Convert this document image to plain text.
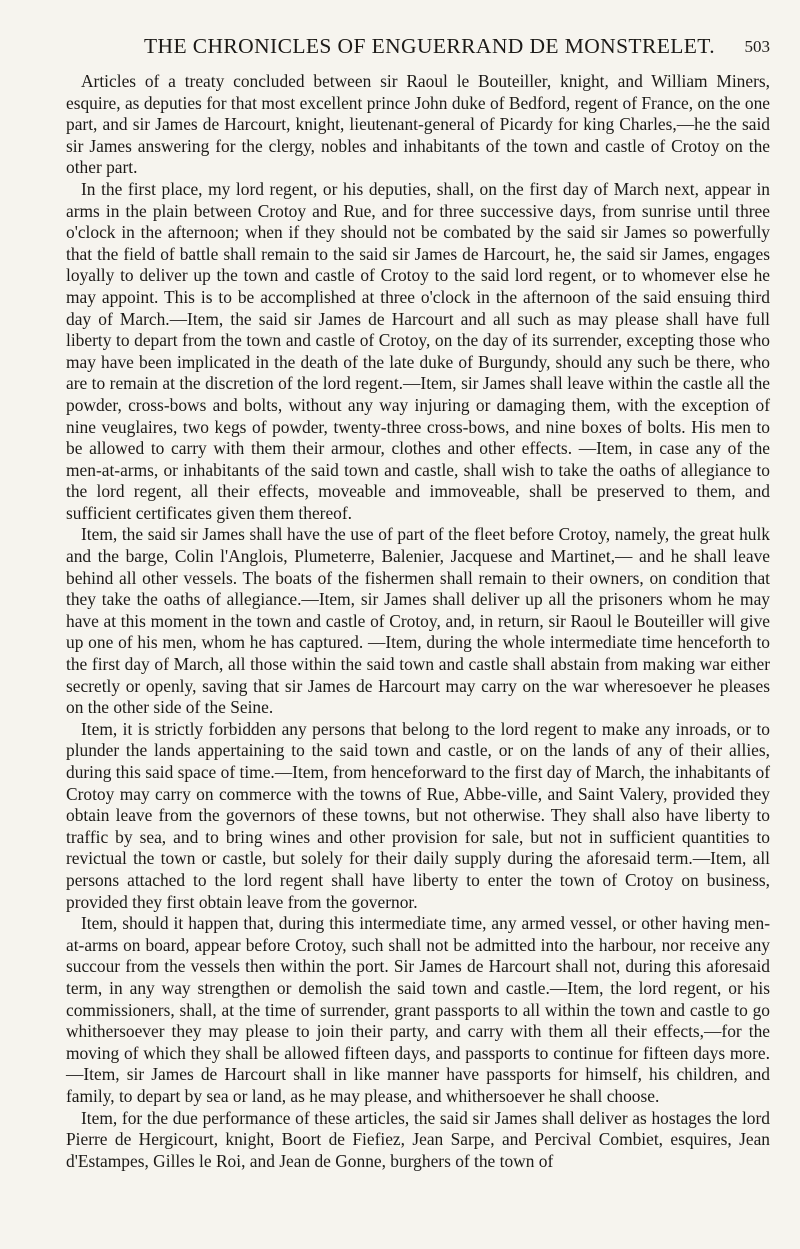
THE CHRONICLES OF ENGUERRAND DE MONSTRELET. 503

Articles of a treaty concluded between sir Raoul le Bouteiller, knight, and William Miners, esquire, as deputies for that most excellent prince John duke of Bedford, regent of France, on the one part, and sir James de Harcourt, knight, lieutenant-general of Picardy for king Charles,—he the said sir James answering for the clergy, nobles and inhabitants of the town and castle of Crotoy on the other part.

In the first place, my lord regent, or his deputies, shall, on the first day of March next, appear in arms in the plain between Crotoy and Rue, and for three successive days, from sunrise until three o'clock in the afternoon; when if they should not be combated by the said sir James so powerfully that the field of battle shall remain to the said sir James de Harcourt, he, the said sir James, engages loyally to deliver up the town and castle of Crotoy to the said lord regent, or to whomever else he may appoint. This is to be accomplished at three o'clock in the afternoon of the said ensuing third day of March.—Item, the said sir James de Harcourt and all such as may please shall have full liberty to depart from the town and castle of Crotoy, on the day of its surrender, excepting those who may have been implicated in the death of the late duke of Burgundy, should any such be there, who are to remain at the discretion of the lord regent.—Item, sir James shall leave within the castle all the powder, cross-bows and bolts, without any way injuring or damaging them, with the exception of nine veuglaires, two kegs of powder, twenty-three cross-bows, and nine boxes of bolts. His men to be allowed to carry with them their armour, clothes and other effects. —Item, in case any of the men-at-arms, or inhabitants of the said town and castle, shall wish to take the oaths of allegiance to the lord regent, all their effects, moveable and immoveable, shall be preserved to them, and sufficient certificates given them thereof.

Item, the said sir James shall have the use of part of the fleet before Crotoy, namely, the great hulk and the barge, Colin l'Anglois, Plumeterre, Balenier, Jacquese and Martinet,— and he shall leave behind all other vessels. The boats of the fishermen shall remain to their owners, on condition that they take the oaths of allegiance.—Item, sir James shall deliver up all the prisoners whom he may have at this moment in the town and castle of Crotoy, and, in return, sir Raoul le Bouteiller will give up one of his men, whom he has captured. —Item, during the whole intermediate time henceforth to the first day of March, all those within the said town and castle shall abstain from making war either secretly or openly, saving that sir James de Harcourt may carry on the war wheresoever he pleases on the other side of the Seine.

Item, it is strictly forbidden any persons that belong to the lord regent to make any inroads, or to plunder the lands appertaining to the said town and castle, or on the lands of any of their allies, during this said space of time.—Item, from henceforward to the first day of March, the inhabitants of Crotoy may carry on commerce with the towns of Rue, Abbe-ville, and Saint Valery, provided they obtain leave from the governors of these towns, but not otherwise. They shall also have liberty to traffic by sea, and to bring wines and other provision for sale, but not in sufficient quantities to revictual the town or castle, but solely for their daily supply during the aforesaid term.—Item, all persons attached to the lord regent shall have liberty to enter the town of Crotoy on business, provided they first obtain leave from the governor.

Item, should it happen that, during this intermediate time, any armed vessel, or other having men-at-arms on board, appear before Crotoy, such shall not be admitted into the harbour, nor receive any succour from the vessels then within the port. Sir James de Harcourt shall not, during this aforesaid term, in any way strengthen or demolish the said town and castle.—Item, the lord regent, or his commissioners, shall, at the time of surrender, grant passports to all within the town and castle to go whithersoever they may please to join their party, and carry with them all their effects,—for the moving of which they shall be allowed fifteen days, and passports to continue for fifteen days more.—Item, sir James de Harcourt shall in like manner have passports for himself, his children, and family, to depart by sea or land, as he may please, and whithersoever he shall choose.

Item, for the due performance of these articles, the said sir James shall deliver as hostages the lord Pierre de Hergicourt, knight, Boort de Fiefiez, Jean Sarpe, and Percival Combiet, esquires, Jean d'Estampes, Gilles le Roi, and Jean de Gonne, burghers of the town of
